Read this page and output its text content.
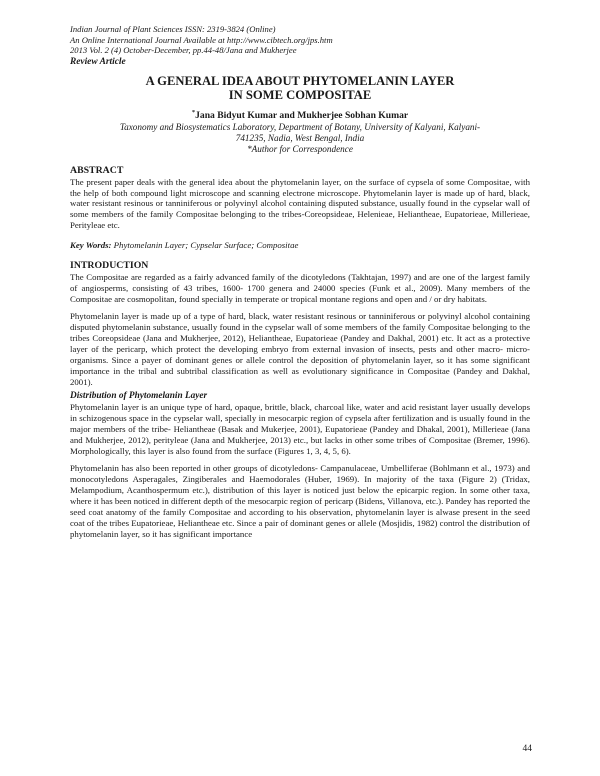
Indian Journal of Plant Sciences ISSN: 2319-3824 (Online)
An Online International Journal Available at http://www.cibtech.org/jps.htm
2013 Vol. 2 (4) October-December, pp.44-48/Jana and Mukherjee
Review Article
A GENERAL IDEA ABOUT PHYTOMELANIN LAYER
IN SOME COMPOSITAE
*Jana Bidyut Kumar and Mukherjee Sobhan Kumar
Taxonomy and Biosystematics Laboratory, Department of Botany, University of Kalyani, Kalyani-
741235, Nadia, West Bengal, India
*Author for Correspondence
ABSTRACT

The present paper deals with the general idea about the phytomelanin layer, on the surface of cypsela of some Compositae, with the help of both compound light microscope and scanning electrone microscope. Phytomelanin layer is made up of hard, black, water resistant resinous or tanniniferous or polyvinyl alcohol containing disputed substance, usually found in the cypselar wall of some members of the family Compositae belonging to the tribes-Coreopsideae, Helenieae, Heliantheae, Eupatorieae, Millerieae, Perityleae etc.

Key Words: Phytomelanin Layer; Cypselar Surface; Compositae
INTRODUCTION

The Compositae are regarded as a fairly advanced family of the dicotyledons (Takhtajan, 1997) and are one of the largest family of angiosperms, consisting of 43 tribes, 1600- 1700 genera and 24000 species (Funk et al., 2009). Many members of the Compositae are cosmopolitan, found specially in temperate or tropical montane regions and open and / or dry habitats.

Phytomelanin layer is made up of a type of hard, black, water resistant resinous or tanniniferous or polyvinyl alcohol containing disputed phytomelanin substance, usually found in the cypselar wall of some members of the family Compositae belonging to the tribes Coreopsideae (Jana and Mukherjee, 2012), Heliantheae, Eupatorieae (Pandey and Dakhal, 2001) etc. It act as a protective layer of the pericarp, which protect the developing embryo from external invasion of insects, pests and other macro- micro-organisms. Since a payer of dominant genes or allele control the deposition of phytomelanin layer, so it has some significant importance in the tribal and subtribal classification as well as evolutionary significance in Compositae (Pandey and Dakhal, 2001).

Distribution of Phytomelanin Layer

Phytomelanin layer is an unique type of hard, opaque, brittle, black, charcoal like, water and acid resistant layer usually develops in schizogenous space in the cypselar wall, specially in mesocarpic region of cypsela after fertilization and is usually found in the major members of the tribe- Heliantheae (Basak and Mukerjee, 2001), Eupatorieae (Pandey and Dhakal, 2001), Millerieae (Jana and Mukherjee, 2012), perityleae (Jana and Mukherjee, 2013) etc., but lacks in other some tribes of Compositae (Bremer, 1996). Morphologically, this layer is also found from the surface (Figures 1, 3, 4, 5, 6).

Phytomelanin has also been reported in other groups of dicotyledons- Campanulaceae, Umbelliferae (Bohlmann et al., 1973) and monocotyledons Asperagales, Zingiberales and Haemodorales (Huber, 1969). In majority of the taxa (Figure 2) (Tridax, Melampodium, Acanthospermum etc.), distribution of this layer is noticed just below the epicarpic region. In some other taxa, where it has been noticed in different depth of the mesocarpic region of pericarp (Bidens, Villanova, etc.). Pandey has reported the seed coat anatomy of the family Compositae and according to his observation, phytomelanin layer is alwase present in the seed coat of the tribes Eupatorieae, Heliantheae etc. Since a pair of dominant genes or allele (Mosjidis, 1982) control the distribution of phytomelanin layer, so it has significant importance

44
